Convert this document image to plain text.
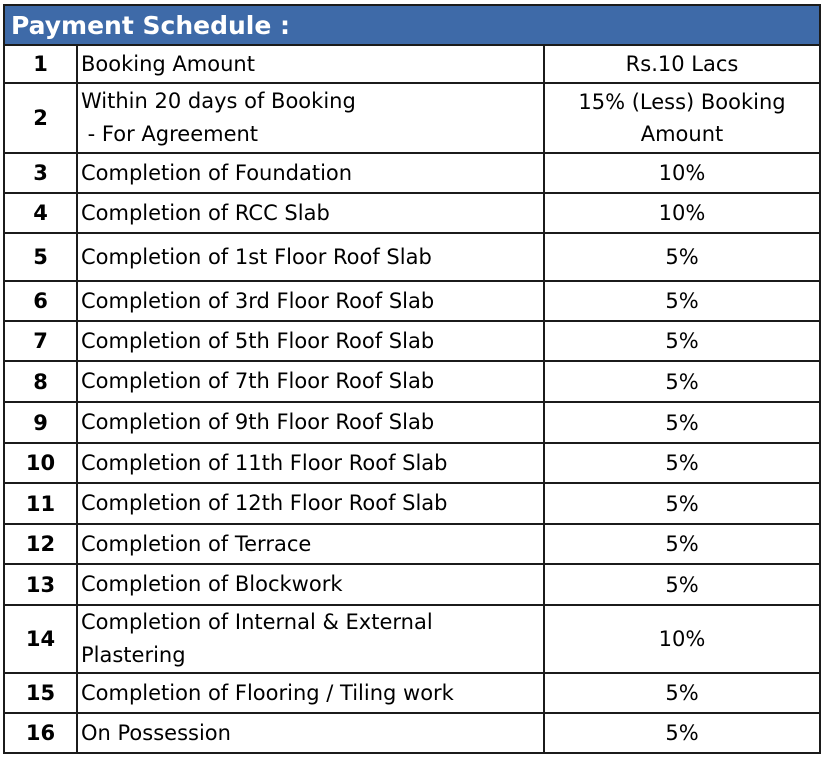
Payment Schedule :
1	Booking Amount	Rs.10 Lacs

2	Within 20 days of Booking
- For Agreement	15% (Less) Booking
Amount

3	Completion of Foundation	10%

4	Completion of RCC Slab	10%

5	Completion of 1st Floor Roof Slab	5%

6	Completion of 3rd Floor Roof Slab	5%

7	Completion of 5th Floor Roof Slab	5%

8	Completion of 7th Floor Roof Slab	5%

9	Completion of 9th Floor Roof Slab	5%

10	Completion of 11th Floor Roof Slab	5%

11	Completion of 12th Floor Roof Slab	5%

12	Completion of Terrace	5%

13	Completion of Blockwork	5%

14	Completion of Internal & External
Plastering	10%

15	Completion of Flooring / Tiling work	5%

16	On Possession	5%
